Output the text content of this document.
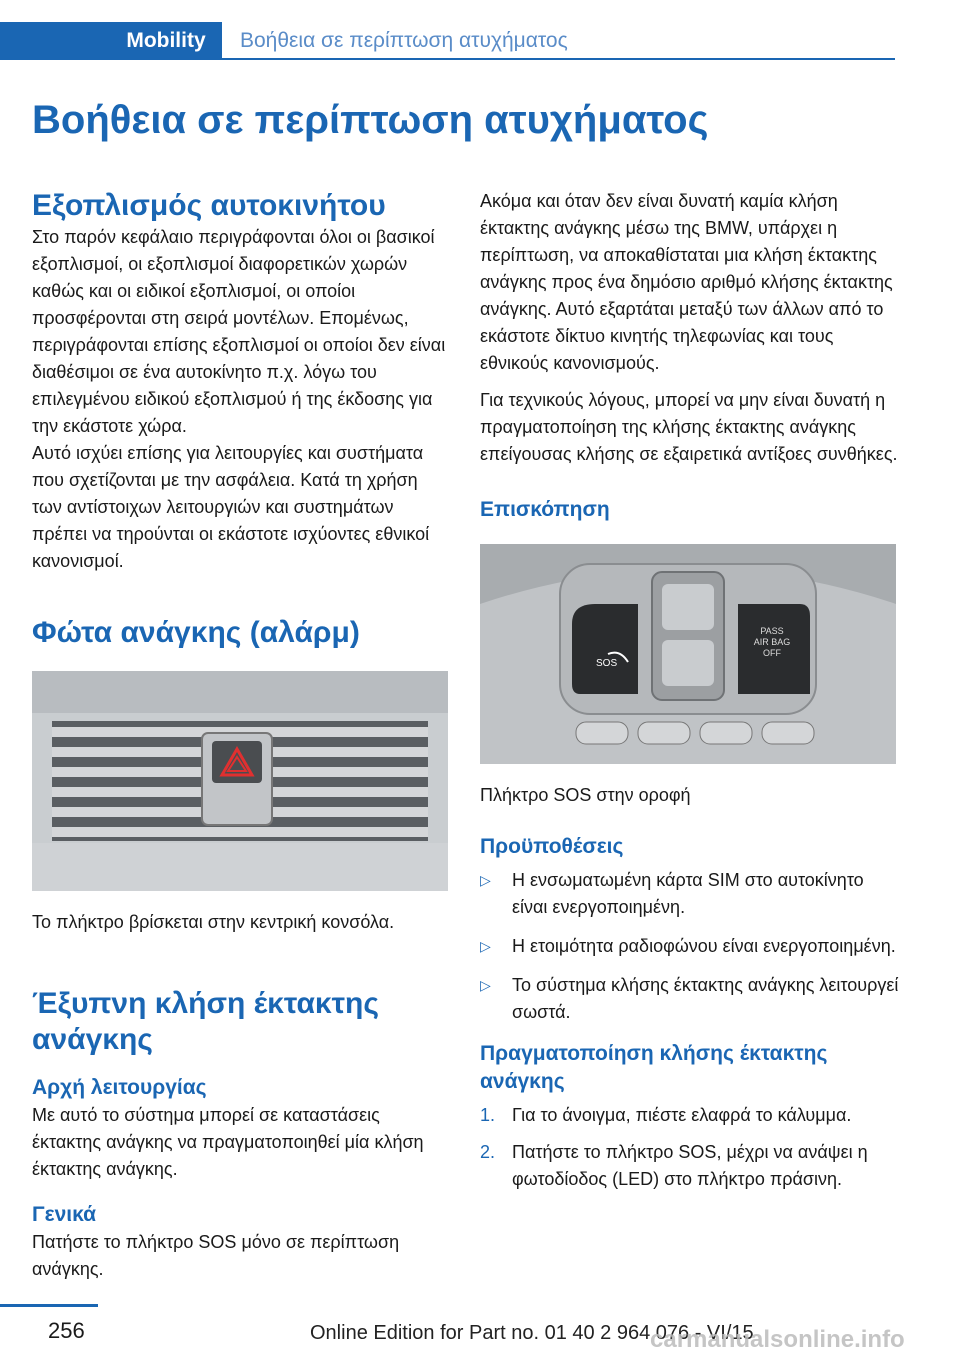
Mobility	Βοήθεια σε περίπτωση ατυχήματος
Βοήθεια σε περίπτωση ατυχήματος
Εξοπλισμός αυτοκινήτου

Στο παρόν κεφάλαιο περιγράφονται όλοι οι βασικοί εξοπλισμοί, οι εξοπλισμοί διαφορετικών χωρών καθώς και οι ειδικοί εξοπλισμοί, οι οποίοι προσφέρονται στη σειρά μοντέλων. Επομένως, περιγράφονται επίσης εξοπλισμοί οι οποίοι δεν είναι διαθέσιμοι σε ένα αυτοκίνητο π.χ. λόγω του επιλεγμένου ειδικού εξοπλισμού ή της έκδοσης για την εκάστοτε χώρα.

Αυτό ισχύει επίσης για λειτουργίες και συστήματα που σχετίζονται με την ασφάλεια. Κατά τη χρήση των αντίστοιχων λειτουργιών και συστημάτων πρέπει να τηρούνται οι εκάστοτε ισχύοντες εθνικοί κανονισμοί.

Φώτα ανάγκης (αλάρμ)

Το πλήκτρο βρίσκεται στην κεντρική κονσόλα.

Έξυπνη κλήση έκτακτης ανάγκης
Αρχή λειτουργίας

Με αυτό το σύστημα μπορεί σε καταστάσεις έκτακτης ανάγκης να πραγματοποιηθεί μία κλήση έκτακτης ανάγκης.

Γενικά

Πατήστε το πλήκτρο SOS μόνο σε περίπτωση ανάγκης.

Ακόμα και όταν δεν είναι δυνατή καμία κλήση έκτακτης ανάγκης μέσω της BMW, υπάρχει η περίπτωση, να αποκαθίσταται μια κλήση έκτακτης ανάγκης προς ένα δημόσιο αριθμό κλήσης έκτακτης ανάγκης. Αυτό εξαρτάται μεταξύ των άλλων από το εκάστοτε δίκτυο κινητής τηλεφωνίας και τους εθνικούς κανονισμούς.

Για τεχνικούς λόγους, μπορεί να μην είναι δυνατή η πραγματοποίηση της κλήσης έκτακτης ανάγκης επείγουσας κλήσης σε εξαιρετικά αντίξοες συνθήκες.

Επισκόπηση
SOS
PASS
AIR BAG
OFF

Πλήκτρο SOS στην οροφή

Προϋποθέσεις
▷ Η ενσωματωμένη κάρτα SIM στο αυτοκίνητο είναι ενεργοποιημένη.
▷ Η ετοιμότητα ραδιοφώνου είναι ενεργοποιημένη.
▷ Το σύστημα κλήσης έκτακτης ανάγκης λειτουργεί σωστά.
Πραγματοποίηση κλήσης έκτακτης ανάγκης
1. Για το άνοιγμα, πιέστε ελαφρά το κάλυμμα.
2. Πατήστε το πλήκτρο SOS, μέχρι να ανάψει η φωτοδίοδος (LED) στο πλήκτρο πράσινη.
256	Online Edition for Part no. 01 40 2 964 076 - VI/15
carmanualsonline.info
